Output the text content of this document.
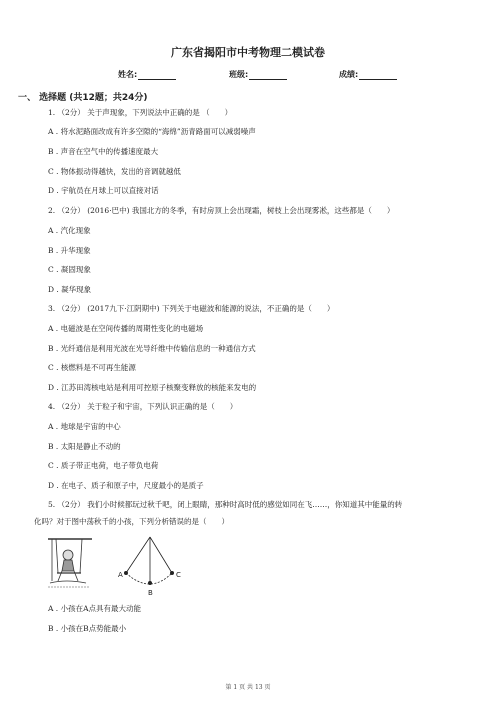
广东省揭阳市中考物理二模试卷
姓名:	班级:	成绩:
一、 选择题 (共12题；共24分)
1. （2分） 关于声现象，下列说法中正确的是 （　　）
A . 将水泥路面改成有许多空隙的“海绵”沥青路面可以减弱噪声
B . 声音在空气中的传播速度最大
C . 物体振动得越快，发出的音调就越低
D . 宇航员在月球上可以直接对话
2. （2分） (2016·巴中) 我国北方的冬季，有时房顶上会出现霜，树枝上会出现雾凇，这些都是（　　）
A . 汽化现象
B . 升华现象
C . 凝固现象
D . 凝华现象
3. （2分） (2017九下·江阴期中) 下列关于电磁波和能源的说法，不正确的是（　　）
A . 电磁波是在空间传播的周期性变化的电磁场
B . 光纤通信是利用光波在光导纤维中传输信息的一种通信方式
C . 核燃料是不可再生能源
D . 江苏田湾核电站是利用可控原子核聚变释放的核能来发电的
4. （2分） 关于粒子和宇宙，下列认识正确的是（　　）
A . 地球是宇宙的中心
B . 太阳是静止不动的
C . 质子带正电荷，电子带负电荷
D . 在电子、质子和原子中，尺度最小的是质子
5. （2分） 我们小时候都玩过秋千吧，闭上眼睛，那种时高时低的感觉如同在飞……，你知道其中能量的转
化吗？对于图中荡秋千的小孩，下列分析错误的是（　　）
A
B
C
A . 小孩在A点具有最大动能
B . 小孩在B点势能最小
第 1 页 共 13 页
